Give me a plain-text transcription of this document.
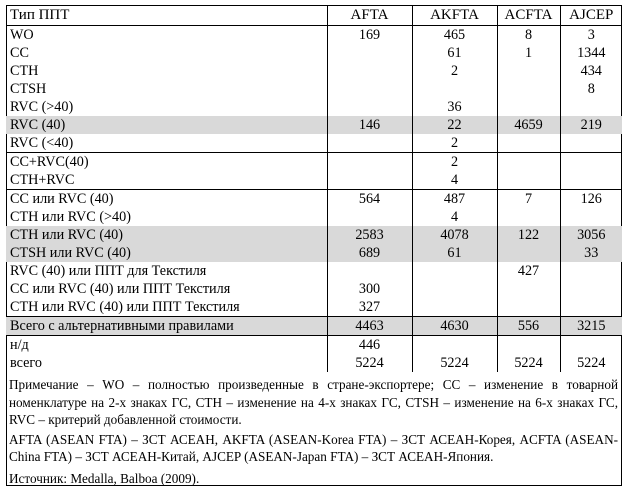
Тип ППТ	AFTA	AKFTA	ACFTA	AJCEP
WO	169	465	8	3
CC		61	1	1344
CTH		2		434
CTSH				8
RVC (>40)		36		
RVC (40)	146	22	4659	219
RVC (<40)		2		
CC+RVC(40)		2		
CTH+RVC		4		
CC или RVC (40)	564	487	7	126
CTH или RVC (>40)		4		
CTH или RVC (40)	2583	4078	122	3056
CTSH или RVC (40)	689	61		33
RVC (40) или ППТ для Текстиля			427	
CC или RVC (40) или ППТ Текстиля	300			
CTH или RVC (40) или ППТ Текстиля	327			
Всего с альтернативными правилами	4463	4630	556	3215
н/д	446			
всего	5224	5224	5224	5224

Примечание – WO – полностью произведенные в стране-экспортере; CC – изменение в товарной номенклатуре на 2-х знаках ГС, CTH – изменение на 4-х знаках ГС, CTSH – изменение на 6-х знаках ГС, RVC – критерий добавленной стоимости.

AFTA (ASEAN FTA) – ЗСТ АСЕАН, AKFTA (ASEAN-Korea FTA) – ЗСТ АСЕАН-Корея, ACFTA (ASEAN-China FTA) – ЗСТ АСЕАН-Китай, AJCEP (ASEAN-Japan FTA) – ЗСТ АСЕАН-Япония.

Источник: Medalla, Balboa (2009).
